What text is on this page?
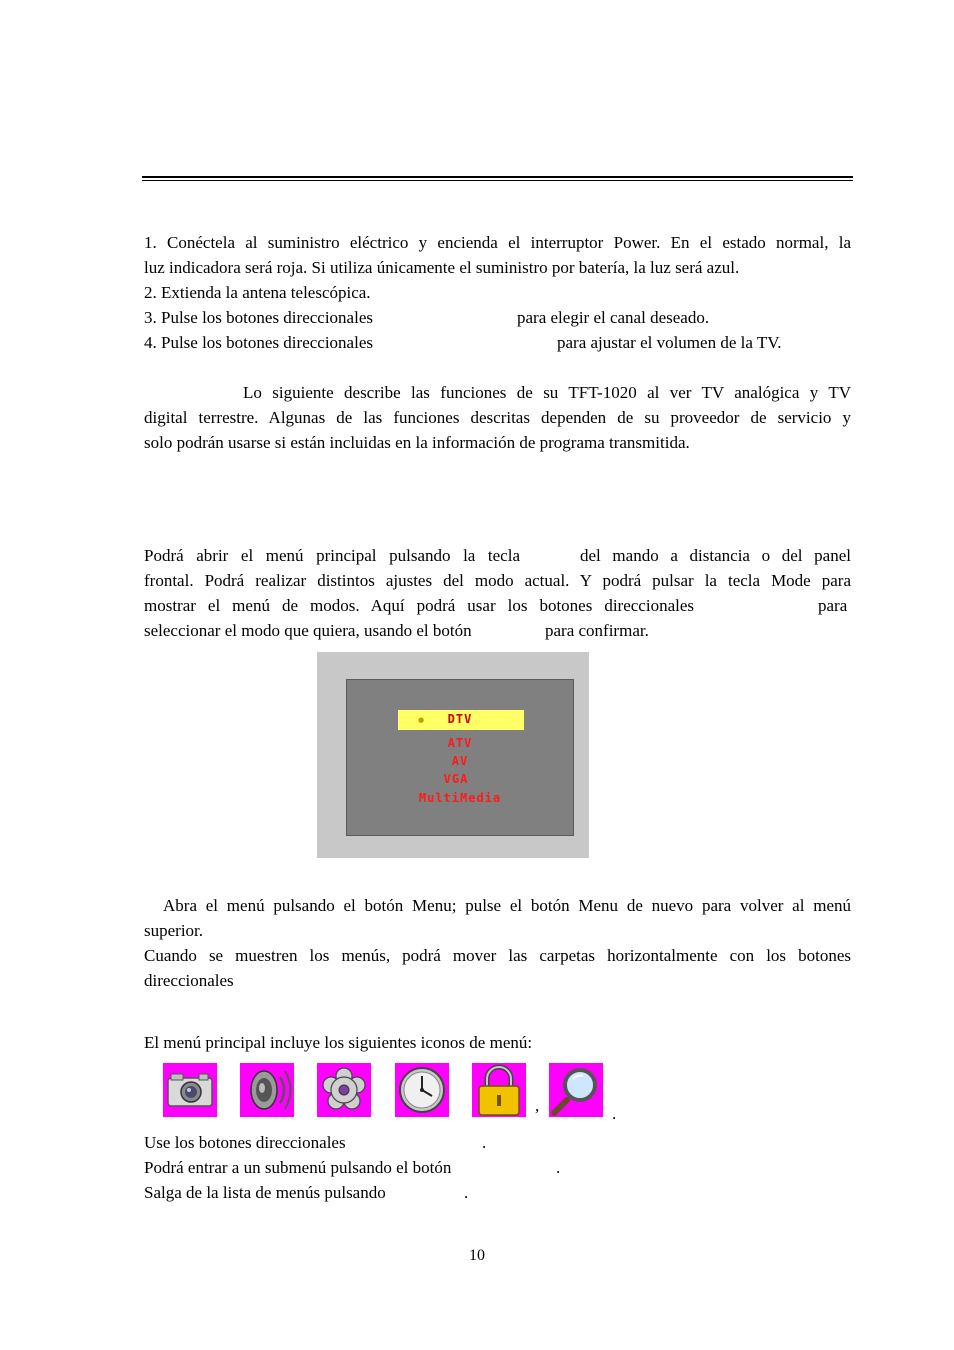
1. Conéctela al suministro eléctrico y encienda el interruptor Power. En el estado normal, la
luz indicadora será roja. Si utiliza únicamente el suministro por batería, la luz será azul.
2. Extienda la antena telescópica.
3. Pulse los botones direccionales	para elegir el canal deseado.
4. Pulse los botones direccionales	para ajustar el volumen de la TV.
Lo siguiente describe las funciones de su TFT-1020 al ver TV analógica y TV
digital terrestre. Algunas de las funciones descritas dependen de su proveedor de servicio y
solo podrán usarse si están incluidas en la información de programa transmitida.
Podrá abrir el menú principal pulsando la tecla	del mando a distancia o del panel
frontal. Podrá realizar distintos ajustes del modo actual. Y podrá pulsar la tecla Mode para
mostrar el menú de modos. Aquí podrá usar los botones direccionales	para
seleccionar el modo que quiera, usando el botón	para confirmar.
●	DTV
ATV
AV
VGA
MultiMedia
Abra el menú pulsando el botón Menu; pulse el botón Menu de nuevo para volver al menú
superior.
Cuando se muestren los menús, podrá mover las carpetas horizontalmente con los botones
direccionales
El menú principal incluye los siguientes iconos de menú:
,	.
Use los botones direccionales	.
Podrá entrar a un submenú pulsando el botón	.
Salga de la lista de menús pulsando	.
10
